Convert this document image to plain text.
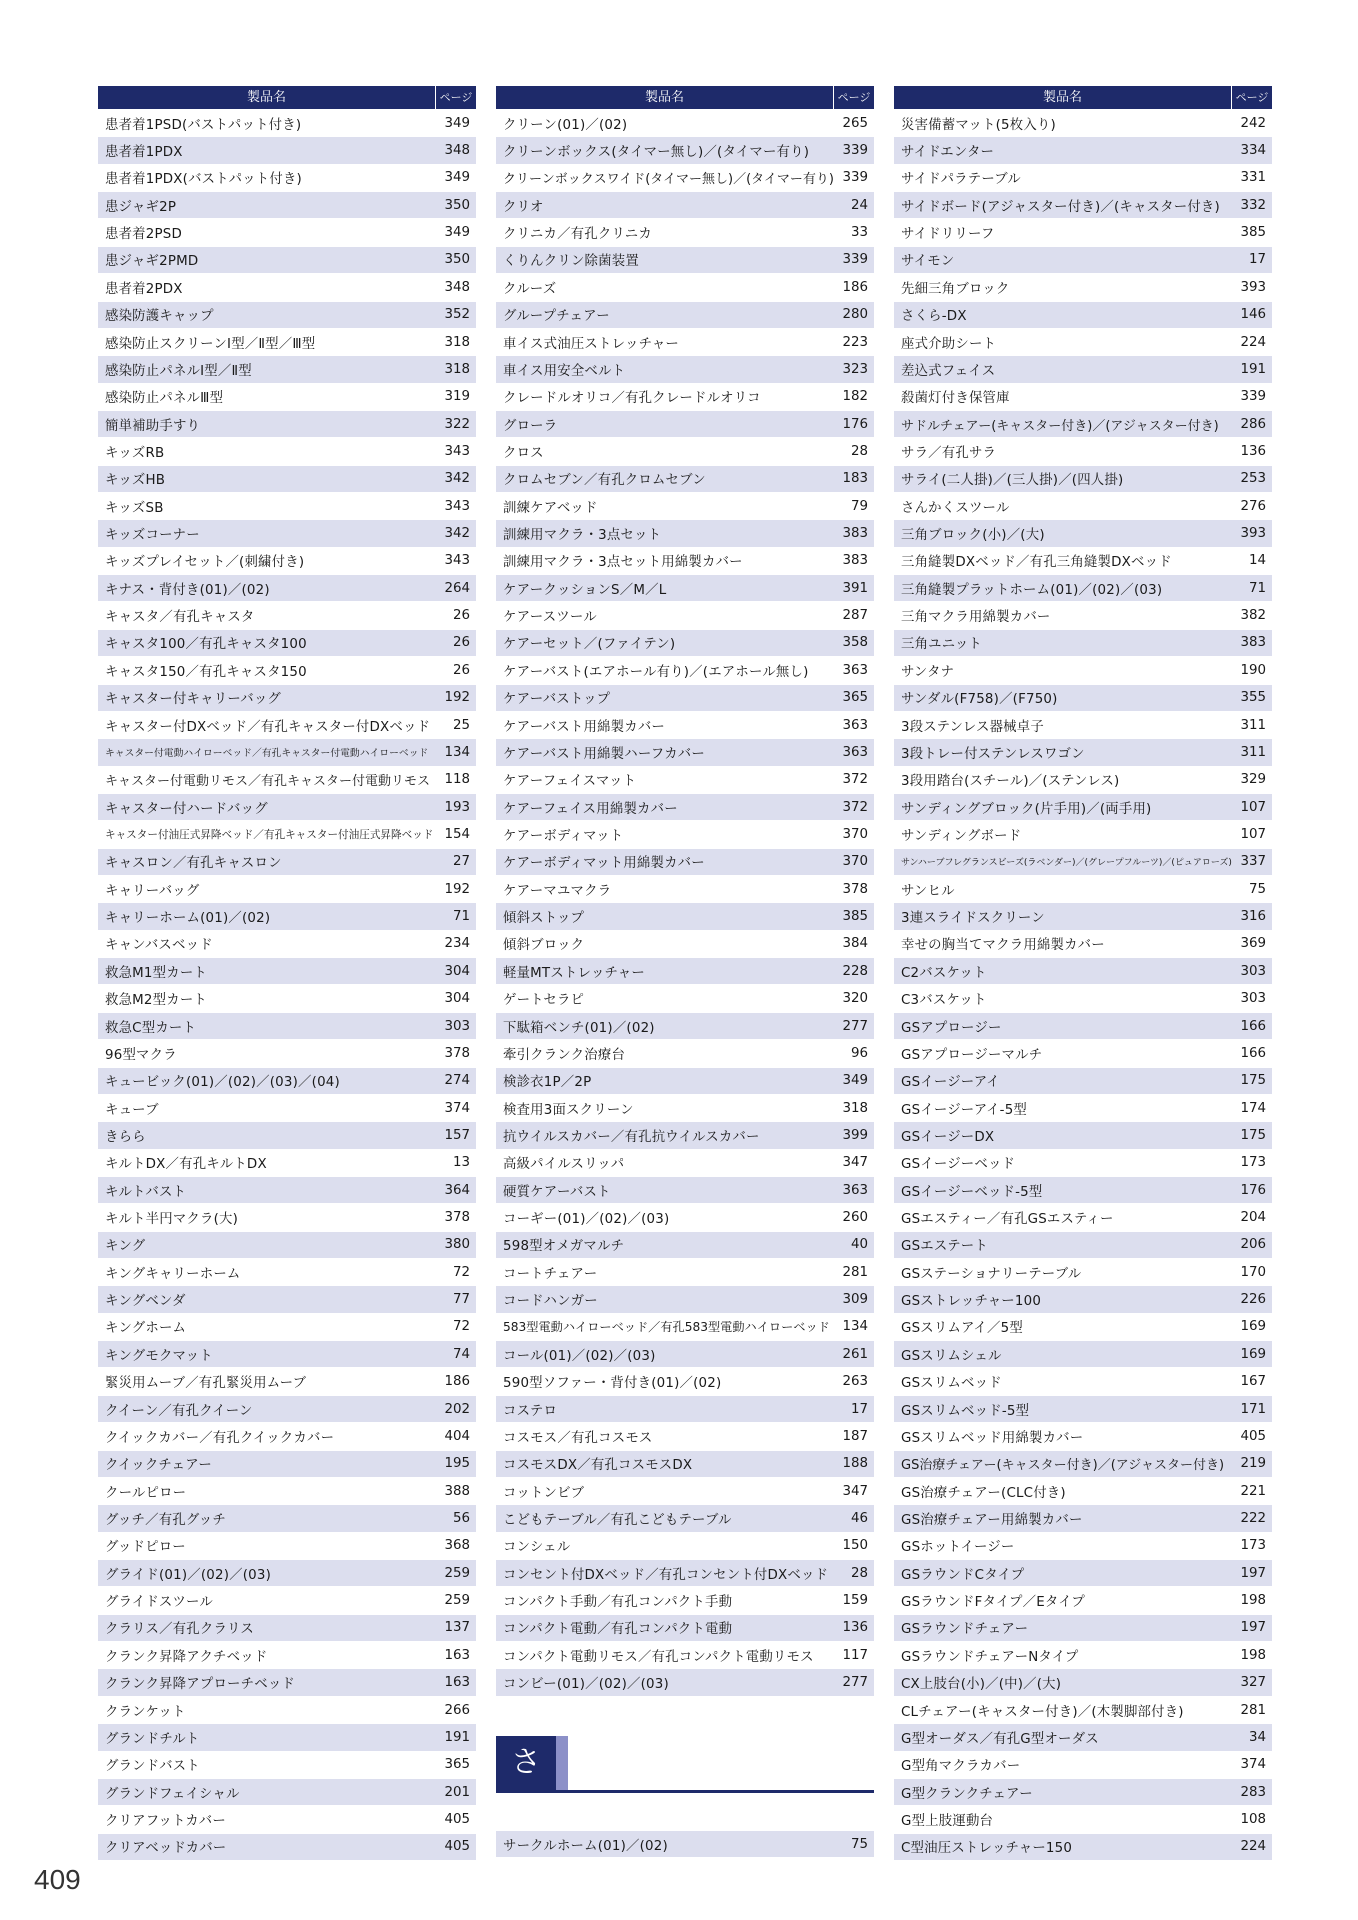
製品名	ページ
患者着1PSD(バストパット付き)	349
患者着1PDX	348
患者着1PDX(バストパット付き)	349
患ジャギ2P	350
患者着2PSD	349
患ジャギ2PMD	350
患者着2PDX	348
感染防護キャップ	352
感染防止スクリーンⅠ型／Ⅱ型／Ⅲ型	318
感染防止パネルⅠ型／Ⅱ型	318
感染防止パネルⅢ型	319
簡単補助手すり	322
キッズRB	343
キッズHB	342
キッズSB	343
キッズコーナー	342
キッズプレイセット／(刺繍付き)	343
キナス・背付き(01)／(02)	264
キャスタ／有孔キャスタ	26
キャスタ100／有孔キャスタ100	26
キャスタ150／有孔キャスタ150	26
キャスター付キャリーバッグ	192
キャスター付DXベッド／有孔キャスター付DXベッド	25
キャスター付電動ハイローベッド／有孔キャスター付電動ハイローベッド	134
キャスター付電動リモス／有孔キャスター付電動リモス	118
キャスター付ハードバッグ	193
キャスター付油圧式昇降ベッド／有孔キャスター付油圧式昇降ベッド 154
キャスロン／有孔キャスロン	27
キャリーバッグ	192
キャリーホーム(01)／(02)	71
キャンバスベッド	234
救急M1型カート	304
救急M2型カート	304
救急C型カート	303
96型マクラ	378
キュービック(01)／(02)／(03)／(04)	274
キューブ	374
きらら	157
キルトDX／有孔キルトDX	13
キルトバスト	364
キルト半円マクラ(大)	378
キング	380
キングキャリーホーム	72
キングベンダ	77
キングホーム	72
キングモクマット	74
緊災用ムーブ／有孔緊災用ムーブ	186
クイーン／有孔クイーン	202
クイックカバー／有孔クイックカバー	404
クイックチェアー	195
クールピロー	388
グッチ／有孔グッチ	56
グッドピロー	368
グライド(01)／(02)／(03)	259
グライドスツール	259
クラリス／有孔クラリス	137
クランク昇降アクチベッド	163
クランク昇降アプローチベッド	163
クランケット	266
グランドチルト	191
グランドバスト	365
グランドフェイシャル	201
クリアフットカバー	405
クリアベッドカバー	405
製品名	ページ
クリーン(01)／(02)	265
クリーンボックス(タイマー無し)／(タイマー有り)	339
クリーンボックスワイド(タイマー無し)／(タイマー有り) 339
クリオ	24
クリニカ／有孔クリニカ	33
くりんクリン除菌装置	339
クルーズ	186
グループチェアー	280
車イス式油圧ストレッチャー	223
車イス用安全ベルト	323
クレードルオリコ／有孔クレードルオリコ	182
グローラ	176
クロス	28
クロムセブン／有孔クロムセブン	183
訓練ケアベッド	79
訓練用マクラ・3点セット	383
訓練用マクラ・3点セット用綿製カバー	383
ケアークッションS／M／L	391
ケアースツール	287
ケアーセット／(ファイテン)	358
ケアーバスト(エアホール有り)／(エアホール無し)	363
ケアーバストップ	365
ケアーバスト用綿製カバー	363
ケアーバスト用綿製ハーフカバー	363
ケアーフェイスマット	372
ケアーフェイス用綿製カバー	372
ケアーボディマット	370
ケアーボディマット用綿製カバー	370
ケアーマユマクラ	378
傾斜ストップ	385
傾斜ブロック	384
軽量MTストレッチャー	228
ゲートセラピ	320
下駄箱ベンチ(01)／(02)	277
牽引クランク治療台	96
検診衣1P／2P	349
検査用3面スクリーン	318
抗ウイルスカバー／有孔抗ウイルスカバー	399
高級パイルスリッパ	347
硬質ケアーバスト	363
コーギー(01)／(02)／(03)	260
598型オメガマルチ	40
コートチェアー	281
コードハンガー	309
583型電動ハイローベッド／有孔583型電動ハイローベッド 134
コール(01)／(02)／(03)	261
590型ソファー・背付き(01)／(02)	263
コステロ	17
コスモス／有孔コスモス	187
コスモスDX／有孔コスモスDX	188
コットンビブ	347
こどもテーブル／有孔こどもテーブル	46
コンシェル	150
コンセント付DXベッド／有孔コンセント付DXベッド	28
コンパクト手動／有孔コンパクト手動	159
コンパクト電動／有孔コンパクト電動	136
コンパクト電動リモス／有孔コンパクト電動リモス	117
コンビー(01)／(02)／(03)	277
製品名	ページ
災害備蓄マット(5枚入り)	242
サイドエンター	334
サイドパラテーブル	331
サイドボード(アジャスター付き)／(キャスター付き)	332
サイドリリーフ	385
サイモン	17
先細三角ブロック	393
さくら-DX	146
座式介助シート	224
差込式フェイス	191
殺菌灯付き保管庫	339
サドルチェアー(キャスター付き)／(アジャスター付き)	286
サラ／有孔サラ	136
サライ(二人掛)／(三人掛)／(四人掛)	253
さんかくスツール	276
三角ブロック(小)／(大)	393
三角縫製DXベッド／有孔三角縫製DXベッド	14
三角縫製プラットホーム(01)／(02)／(03)	71
三角マクラ用綿製カバー	382
三角ユニット	383
サンタナ	190
サンダル(F758)／(F750)	355
3段ステンレス器械卓子	311
3段トレー付ステンレスワゴン	311
3段用踏台(スチール)／(ステンレス)	329
サンディングブロック(片手用)／(両手用)	107
サンディングボード	107
サンハーブフレグランスビーズ(ラベンダー)／(グレープフルーツ)／(ピュアローズ) 337
サンヒル	75
3連スライドスクリーン	316
幸せの胸当てマクラ用綿製カバー	369
C2バスケット	303
C3バスケット	303
GSアプロージー	166
GSアプロージーマルチ	166
GSイージーアイ	175
GSイージーアイ-5型	174
GSイージーDX	175
GSイージーベッド	173
GSイージーベッド-5型	176
GSエスティー／有孔GSエスティー	204
GSエステート	206
GSステーショナリーテーブル	170
GSストレッチャー100	226
GSスリムアイ／5型	169
GSスリムシェル	169
GSスリムベッド	167
GSスリムベッド-5型	171
GSスリムベッド用綿製カバー	405
GS治療チェアー(キャスター付き)／(アジャスター付き)	219
GS治療チェアー(CLC付き)	221
GS治療チェアー用綿製カバー	222
GSホットイージー	173
GSラウンドCタイプ	197
GSラウンドFタイプ／Eタイプ	198
GSラウンドチェアー	197
GSラウンドチェアーNタイプ	198
CX上肢台(小)／(中)／(大)	327
CLチェアー(キャスター付き)／(木製脚部付き)	281
G型オーダス／有孔G型オーダス	34
G型角マクラカバー	374
G型クランクチェアー	283
G型上肢運動台	108
C型油圧ストレッチャー150	224
さ
サークルホーム(01)／(02)	75
409
